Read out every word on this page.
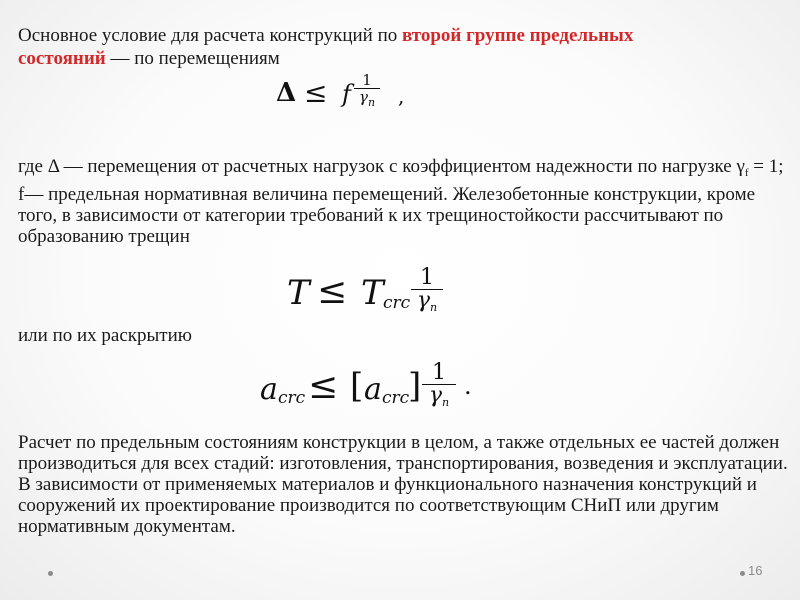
Основное условие для расчета конструкций по второй группе предельных
состояний — по перемещениям
Δ ≤ f 1
$\gamma_n$ ,
где Δ — перемещения от расчетных нагрузок с коэффициентом надежности по нагрузке $\gamma_f = 1$; f— предельная нормативная величина перемещений. Железобетонные конструкции, кроме того, в зависимости от категории требований к их трещиностойкости рассчитывают по образованию трещин
T ≤ T crc
1
$\gamma_n$
или по их раскрытию
a crc ≤ [ a crc
] 1
$\gamma_n$
.
Расчет по предельным состояниям конструкции в целом, а также отдельных ее частей должен производиться для всех стадий: изготовления, транспортирования, возведения и эксплуатации. В зависимости от применяемых материалов и функционального назначения конструкций и сооружений их проектирование производится по соответствующим СНиП или другим нормативным документам.
16
